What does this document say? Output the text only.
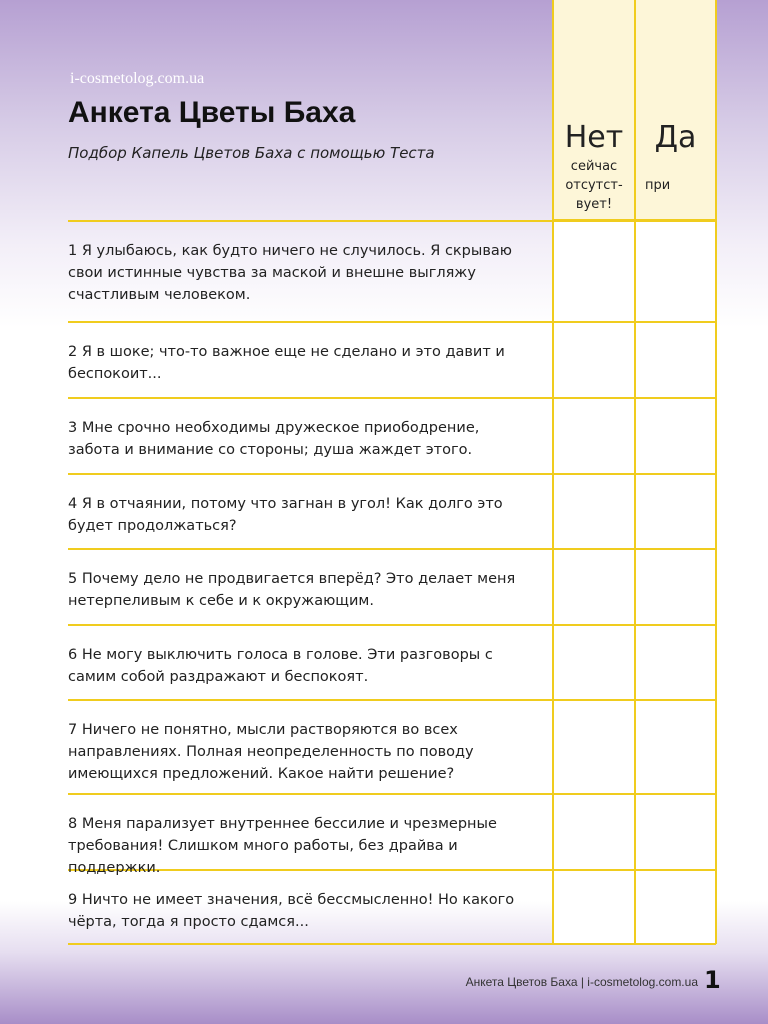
i-cosmetolog.com.ua
Анкета Цветы Баха
Подбор Капель Цветов Баха с помощью Теста	Нет
сейчас
отсутст-
вует!
Да
при
1 Я улыбаюсь, как будто ничего не случилось. Я скрываю
свои истинные чувства за маской и внешне выгляжу
счастливым человеком.
2 Я в шоке; что-то важное еще не сделано и это давит и
беспокоит...
3 Мне срочно необходимы дружеское приободрение,
забота и внимание со стороны; душа жаждет этого.
4 Я в отчаянии, потому что загнан в угол! Как долго это
будет продолжаться?
5 Почему дело не продвигается вперёд? Это делает меня
нетерпеливым к себе и к окружающим.
6 Не могу выключить голоса в голове. Эти разговоры с
самим собой раздражают и беспокоят.
7 Ничего не понятно, мысли растворяются во всех
направлениях. Полная неопределенность по поводу
имеющихся предложений. Какое найти решение?
8 Меня парализует внутреннее бессилие и чрезмерные
требования! Слишком много работы, без драйва и поддержки.
9 Ничто не имеет значения, всё бессмысленно! Но какого
чёрта, тогда я просто сдамся...
Анкета Цветов Баха | i-cosmetolog.com.ua 1
